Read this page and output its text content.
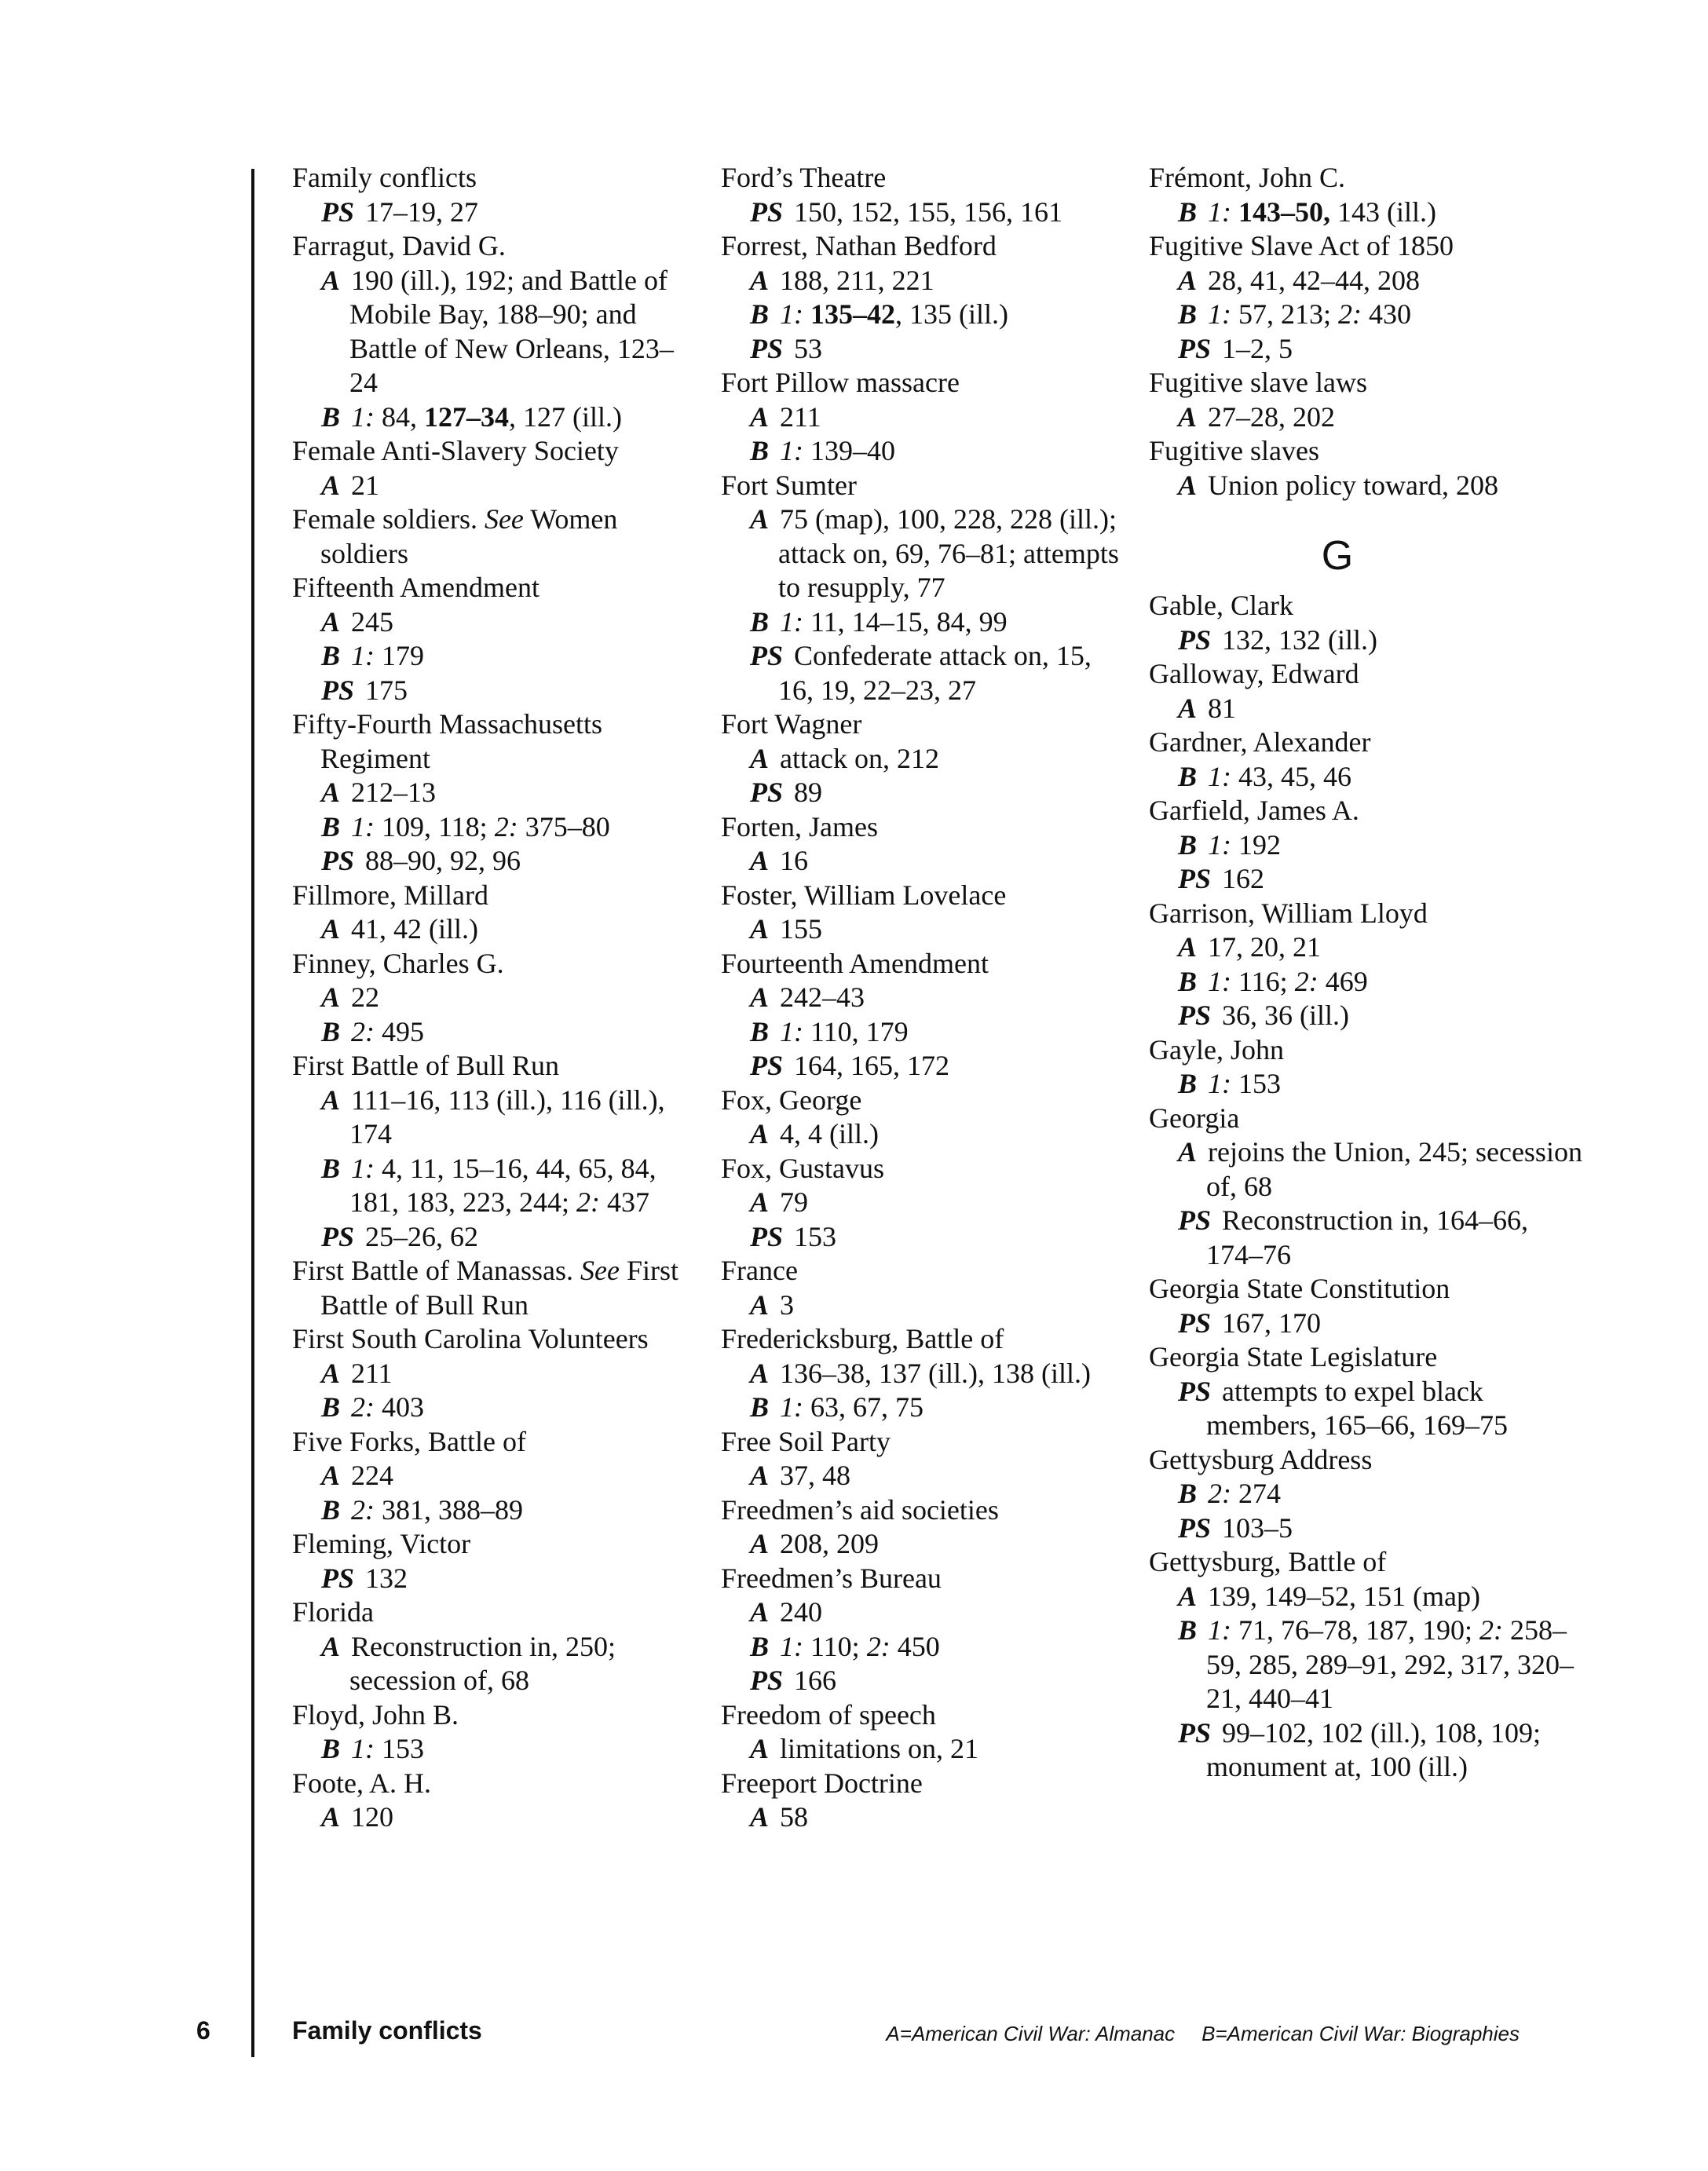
Family conflicts
PS 17–19, 27
Farragut, David G.
A 190 (ill.), 192; and Battle of Mobile Bay, 188–90; and Battle of New Orleans, 123–24
B 1: 84, 127–34, 127 (ill.)
Female Anti-Slavery Society
A 21
Female soldiers. See Women soldiers
Fifteenth Amendment
A 245
B 1: 179
PS 175
Fifty-Fourth Massachusetts Regiment
A 212–13
B 1: 109, 118; 2: 375–80
PS 88–90, 92, 96
Fillmore, Millard
A 41, 42 (ill.)
Finney, Charles G.
A 22
B 2: 495
First Battle of Bull Run
A 111–16, 113 (ill.), 116 (ill.), 174
B 1: 4, 11, 15–16, 44, 65, 84, 181, 183, 223, 244; 2: 437
PS 25–26, 62
First Battle of Manassas. See First Battle of Bull Run
First South Carolina Volunteers
A 211
B 2: 403
Five Forks, Battle of
A 224
B 2: 381, 388–89
Fleming, Victor
PS 132
Florida
A Reconstruction in, 250; secession of, 68
Floyd, John B.
B 1: 153
Foote, A. H.
A 120
Ford’s Theatre
PS 150, 152, 155, 156, 161
Forrest, Nathan Bedford
A 188, 211, 221
B 1: 135–42, 135 (ill.)
PS 53
Fort Pillow massacre
A 211
B 1: 139–40
Fort Sumter
A 75 (map), 100, 228, 228 (ill.); attack on, 69, 76–81; attempts to resupply, 77
B 1: 11, 14–15, 84, 99
PS Confederate attack on, 15, 16, 19, 22–23, 27
Fort Wagner
A attack on, 212
PS 89
Forten, James
A 16
Foster, William Lovelace
A 155
Fourteenth Amendment
A 242–43
B 1: 110, 179
PS 164, 165, 172
Fox, George
A 4, 4 (ill.)
Fox, Gustavus
A 79
PS 153
France
A 3
Fredericksburg, Battle of
A 136–38, 137 (ill.), 138 (ill.)
B 1: 63, 67, 75
Free Soil Party
A 37, 48
Freedmen’s aid societies
A 208, 209
Freedmen’s Bureau
A 240
B 1: 110; 2: 450
PS 166
Freedom of speech
A limitations on, 21
Freeport Doctrine
A 58
Frémont, John C.
B 1: 143–50, 143 (ill.)
Fugitive Slave Act of 1850
A 28, 41, 42–44, 208
B 1: 57, 213; 2: 430
PS 1–2, 5
Fugitive slave laws
A 27–28, 202
Fugitive slaves
A Union policy toward, 208
G
Gable, Clark
PS 132, 132 (ill.)
Galloway, Edward
A 81
Gardner, Alexander
B 1: 43, 45, 46
Garfield, James A.
B 1: 192
PS 162
Garrison, William Lloyd
A 17, 20, 21
B 1: 116; 2: 469
PS 36, 36 (ill.)
Gayle, John
B 1: 153
Georgia
A rejoins the Union, 245; secession of, 68
PS Reconstruction in, 164–66, 174–76
Georgia State Constitution
PS 167, 170
Georgia State Legislature
PS attempts to expel black members, 165–66, 169–75
Gettysburg Address
B 2: 274
PS 103–5
Gettysburg, Battle of
A 139, 149–52, 151 (map)
B 1: 71, 76–78, 187, 190; 2: 258–59, 285, 289–91, 292, 317, 320–21, 440–41
PS 99–102, 102 (ill.), 108, 109; monument at, 100 (ill.)
6	Family conflicts	A=American Civil War: Almanac B=American Civil War: Biographies
